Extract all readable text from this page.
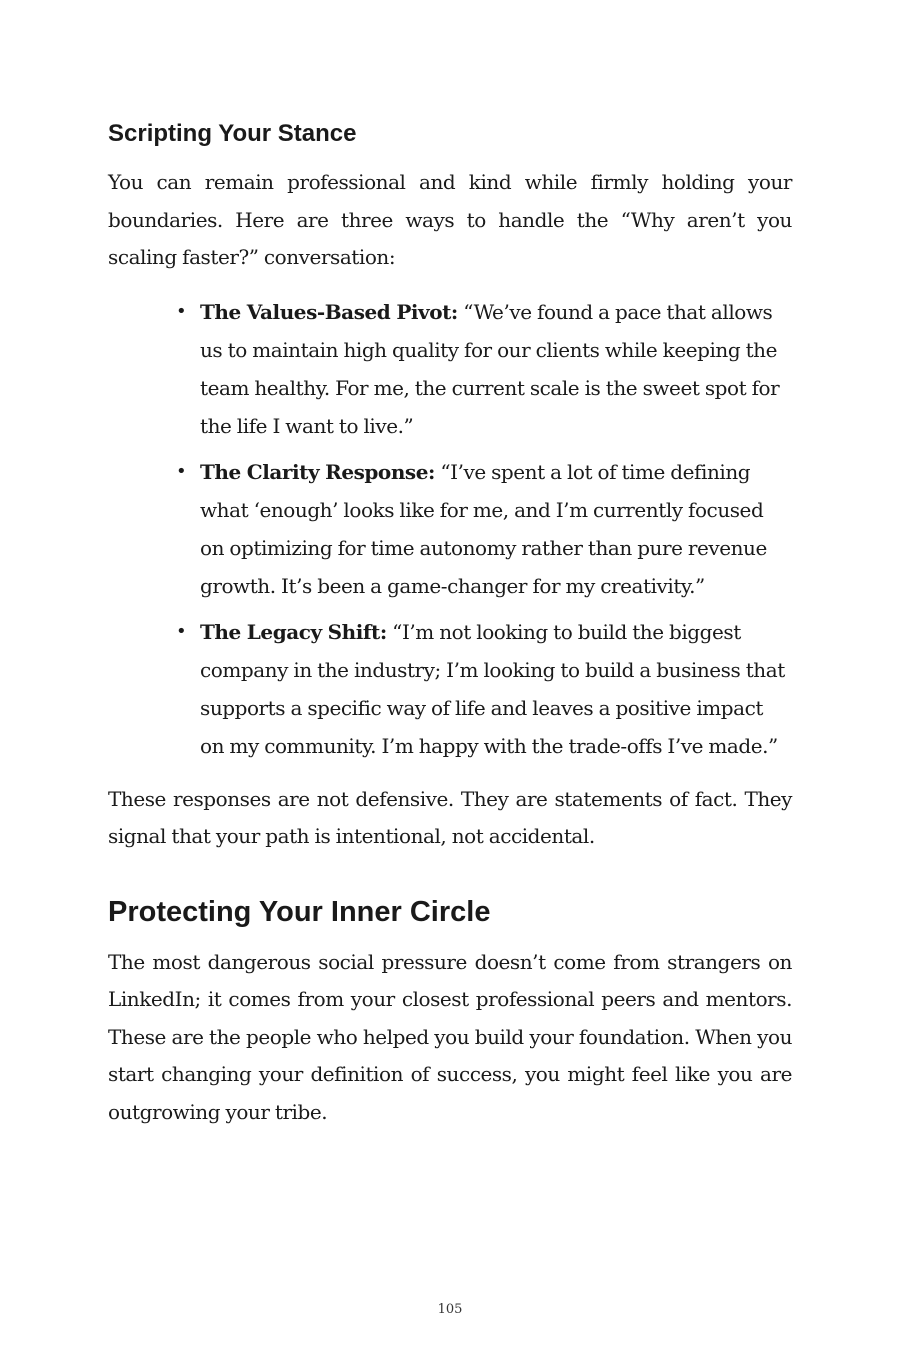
Scripting Your Stance

You can remain professional and kind while firmly holding your boundaries. Here are three ways to handle the “Why aren’t you scaling faster?” conversation:

• The Values-Based Pivot: “We’ve found a pace that allows us to maintain high quality for our clients while keeping the team healthy. For me, the current scale is the sweet spot for the life I want to live.”
• The Clarity Response: “I’ve spent a lot of time defining what ‘enough’ looks like for me, and I’m currently focused on optimizing for time autonomy rather than pure revenue growth. It’s been a game-changer for my creativity.”
• The Legacy Shift: “I’m not looking to build the biggest company in the industry; I’m looking to build a business that supports a specific way of life and leaves a positive impact on my community. I’m happy with the trade-offs I’ve made.”

These responses are not defensive. They are statements of fact. They signal that your path is intentional, not accidental.

Protecting Your Inner Circle

The most dangerous social pressure doesn’t come from strangers on LinkedIn; it comes from your closest professional peers and mentors. These are the people who helped you build your foundation. When you start changing your definition of success, you might feel like you are outgrowing your tribe.

105
